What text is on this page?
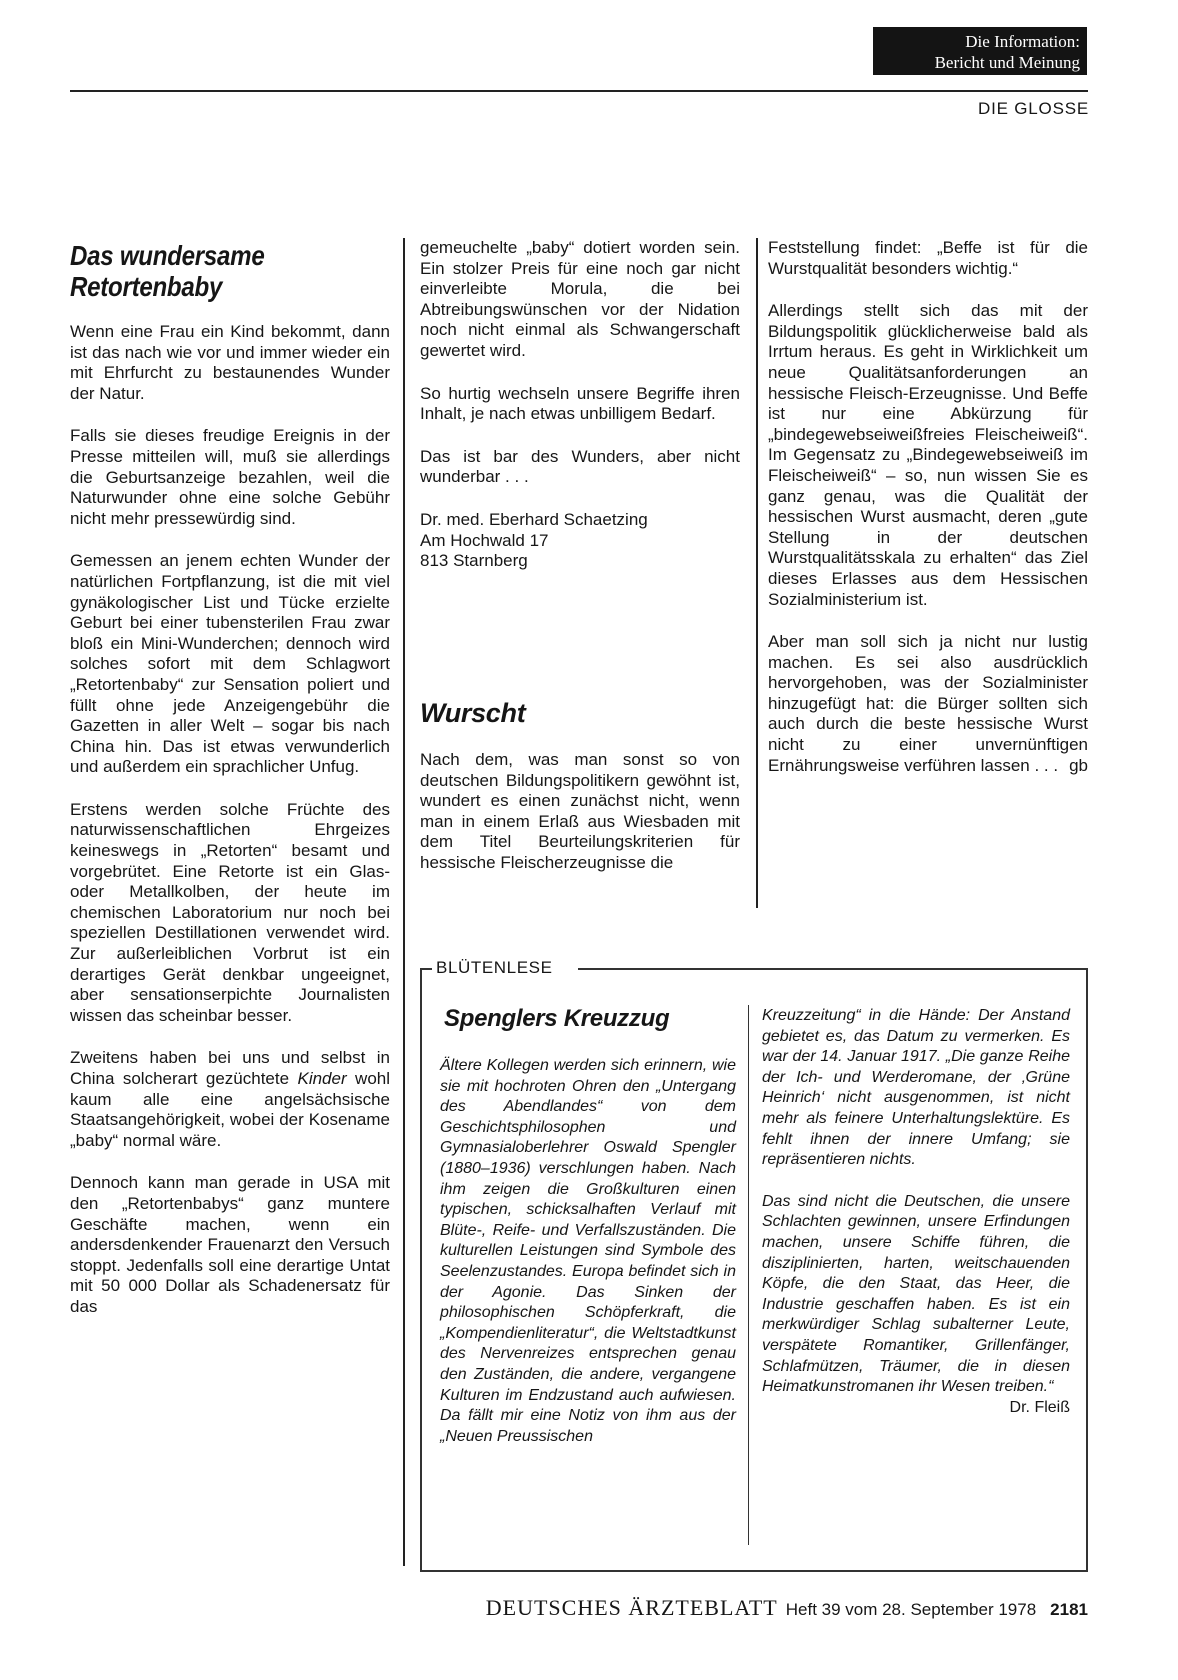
Die Information:
Bericht und Meinung
DIE GLOSSE
Das wundersame
Retortenbaby

Wenn eine Frau ein Kind bekommt, dann ist das nach wie vor und immer wieder ein mit Ehrfurcht zu bestaunendes Wunder der Natur.

Falls sie dieses freudige Ereignis in der Presse mitteilen will, muß sie allerdings die Geburtsanzeige bezahlen, weil die Naturwunder ohne eine solche Gebühr nicht mehr pressewürdig sind.

Gemessen an jenem echten Wunder der natürlichen Fortpflanzung, ist die mit viel gynäkologischer List und Tücke erzielte Geburt bei einer tubensterilen Frau zwar bloß ein Mini-Wunderchen; dennoch wird solches sofort mit dem Schlagwort „Retortenbaby“ zur Sensation poliert und füllt ohne jede Anzeigengebühr die Gazetten in aller Welt – sogar bis nach China hin. Das ist etwas verwunderlich und außerdem ein sprachlicher Unfug.

Erstens werden solche Früchte des naturwissenschaftlichen Ehrgeizes keineswegs in „Retorten“ besamt und vorgebrütet. Eine Retorte ist ein Glas- oder Metallkolben, der heute im chemischen Laboratorium nur noch bei speziellen Destillationen verwendet wird. Zur außerleiblichen Vorbrut ist ein derartiges Gerät denkbar ungeeignet, aber sensationserpichte Journalisten wissen das scheinbar besser.

Zweitens haben bei uns und selbst in China solcherart gezüchtete Kinder wohl kaum alle eine angelsächsische Staatsangehörigkeit, wobei der Kosename „baby“ normal wäre.

Dennoch kann man gerade in USA mit den „Retortenbabys“ ganz muntere Geschäfte machen, wenn ein andersdenkender Frauenarzt den Versuch stoppt. Jedenfalls soll eine derartige Untat mit 50 000 Dollar als Schadenersatz für das

gemeuchelte „baby“ dotiert worden sein. Ein stolzer Preis für eine noch gar nicht einverleibte Morula, die bei Abtreibungswünschen vor der Nidation noch nicht einmal als Schwangerschaft gewertet wird.

So hurtig wechseln unsere Begriffe ihren Inhalt, je nach etwas unbilligem Bedarf.

Das ist bar des Wunders, aber nicht wunderbar . . .

Dr. med. Eberhard Schaetzing
Am Hochwald 17
813 Starnberg

Wurscht

Nach dem, was man sonst so von deutschen Bildungspolitikern gewöhnt ist, wundert es einen zunächst nicht, wenn man in einem Erlaß aus Wiesbaden mit dem Titel Beurteilungskriterien für hessische Fleischerzeugnisse die

Feststellung findet: „Beffe ist für die Wurstqualität besonders wichtig.“

Allerdings stellt sich das mit der Bildungspolitik glücklicherweise bald als Irrtum heraus. Es geht in Wirklichkeit um neue Qualitätsanforderungen an hessische Fleisch-Erzeugnisse. Und Beffe ist nur eine Abkürzung für „bindegewebseiweißfreies Fleischeiweiß“. Im Gegensatz zu „Bindegewebseiweiß im Fleischeiweiß“ – so, nun wissen Sie es ganz genau, was die Qualität der hessischen Wurst ausmacht, deren „gute Stellung in der deutschen Wurstqualitätsskala zu erhalten“ das Ziel dieses Erlasses aus dem Hessischen Sozialministerium ist.

Aber man soll sich ja nicht nur lustig machen. Es sei also ausdrücklich hervorgehoben, was der Sozialminister hinzugefügt hat: die Bürger sollten sich auch durch die beste hessische Wurst nicht zu einer unvernünftigen Ernährungsweise verführen lassen . . . gb

BLÜTENLESE
Spenglers Kreuzzug

Ältere Kollegen werden sich erinnern, wie sie mit hochroten Ohren den „Untergang des Abendlandes“ von dem Geschichtsphilosophen und Gymnasialoberlehrer Oswald Spengler (1880–1936) verschlungen haben. Nach ihm zeigen die Großkulturen einen typischen, schicksalhaften Verlauf mit Blüte-, Reife- und Verfallszuständen. Die kulturellen Leistungen sind Symbole des Seelenzustandes. Europa befindet sich in der Agonie. Das Sinken der philosophischen Schöpferkraft, die „Kompendienliteratur“, die Weltstadtkunst des Nervenreizes entsprechen genau den Zuständen, die andere, vergangene Kulturen im Endzustand auch aufwiesen. Da fällt mir eine Notiz von ihm aus der „Neuen Preussischen

Kreuzzeitung“ in die Hände: Der Anstand gebietet es, das Datum zu vermerken. Es war der 14. Januar 1917. „Die ganze Reihe der Ich- und Werderomane, der ‚Grüne Heinrich‘ nicht ausgenommen, ist nicht mehr als feinere Unterhaltungslektüre. Es fehlt ihnen der innere Umfang; sie repräsentieren nichts.

Das sind nicht die Deutschen, die unsere Schlachten gewinnen, unsere Erfindungen machen, unsere Schiffe führen, die disziplinierten, harten, weitschauenden Köpfe, die den Staat, das Heer, die Industrie geschaffen haben. Es ist ein merkwürdiger Schlag subalterner Leute, verspätete Romantiker, Grillenfänger, Schlafmützen, Träumer, die in diesen Heimatkunstromanen ihr Wesen treiben.“
Dr. Fleiß

DEUTSCHES ÄRZTEBLATT Heft 39 vom 28. September 1978 2181
